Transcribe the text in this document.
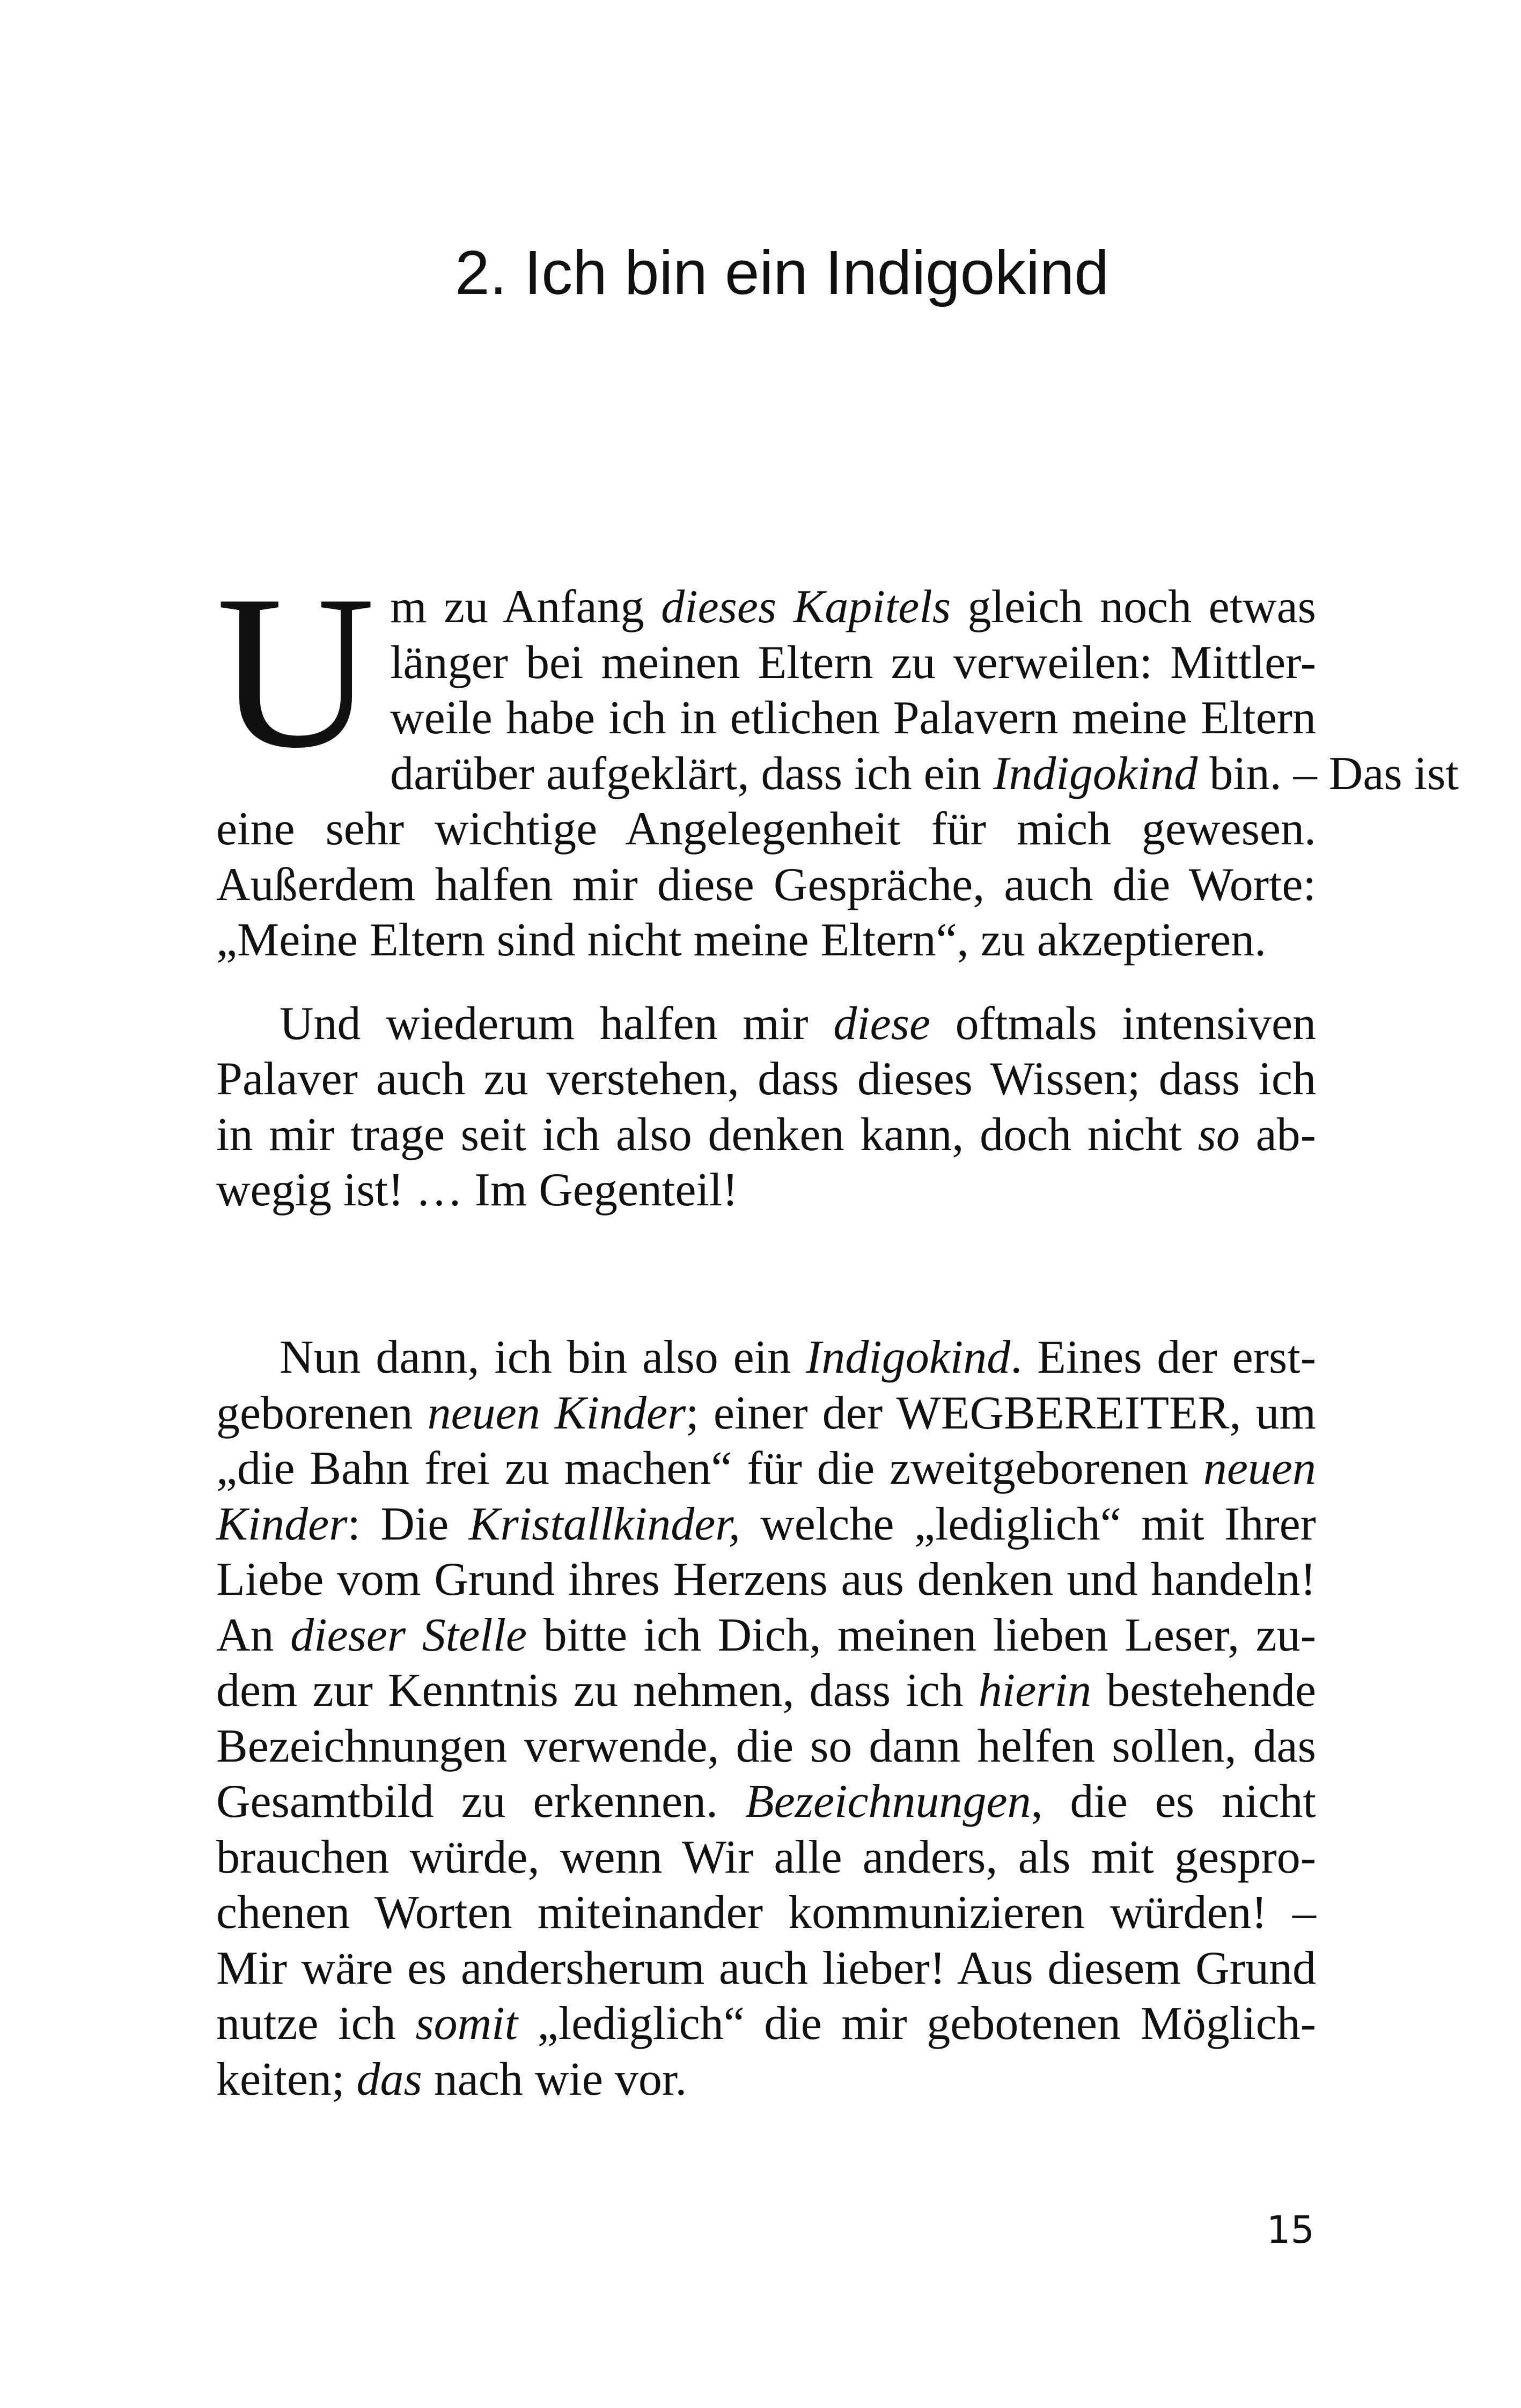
2. Ich bin ein Indigokind

U m zu Anfang dieses Kapitels gleich noch etwas
länger bei meinen Eltern zu verweilen: Mittler-
weile habe ich in etlichen Palavern meine Eltern
darüber aufgeklärt, dass ich ein Indigokind bin. – Das ist
eine sehr wichtige Angelegenheit für mich gewesen.
Außerdem halfen mir diese Gespräche, auch die Worte:
„Meine Eltern sind nicht meine Eltern“, zu akzeptieren.

Und wiederum halfen mir diese oftmals intensiven
Palaver auch zu verstehen, dass dieses Wissen; dass ich
in mir trage seit ich also denken kann, doch nicht so ab-
wegig ist! … Im Gegenteil!

Nun dann, ich bin also ein Indigokind. Eines der erst-
geborenen neuen Kinder; einer der WEGBEREITER, um
„die Bahn frei zu machen“ für die zweitgeborenen neuen
Kinder: Die Kristallkinder, welche „lediglich“ mit Ihrer
Liebe vom Grund ihres Herzens aus denken und handeln!
An dieser Stelle bitte ich Dich, meinen lieben Leser, zu-
dem zur Kenntnis zu nehmen, dass ich hierin bestehende
Bezeichnungen verwende, die so dann helfen sollen, das
Gesamtbild zu erkennen. Bezeichnungen, die es nicht
brauchen würde, wenn Wir alle anders, als mit gespro-
chenen Worten miteinander kommunizieren würden! –
Mir wäre es andersherum auch lieber! Aus diesem Grund
nutze ich somit „lediglich“ die mir gebotenen Möglich-
keiten; das nach wie vor.

15
